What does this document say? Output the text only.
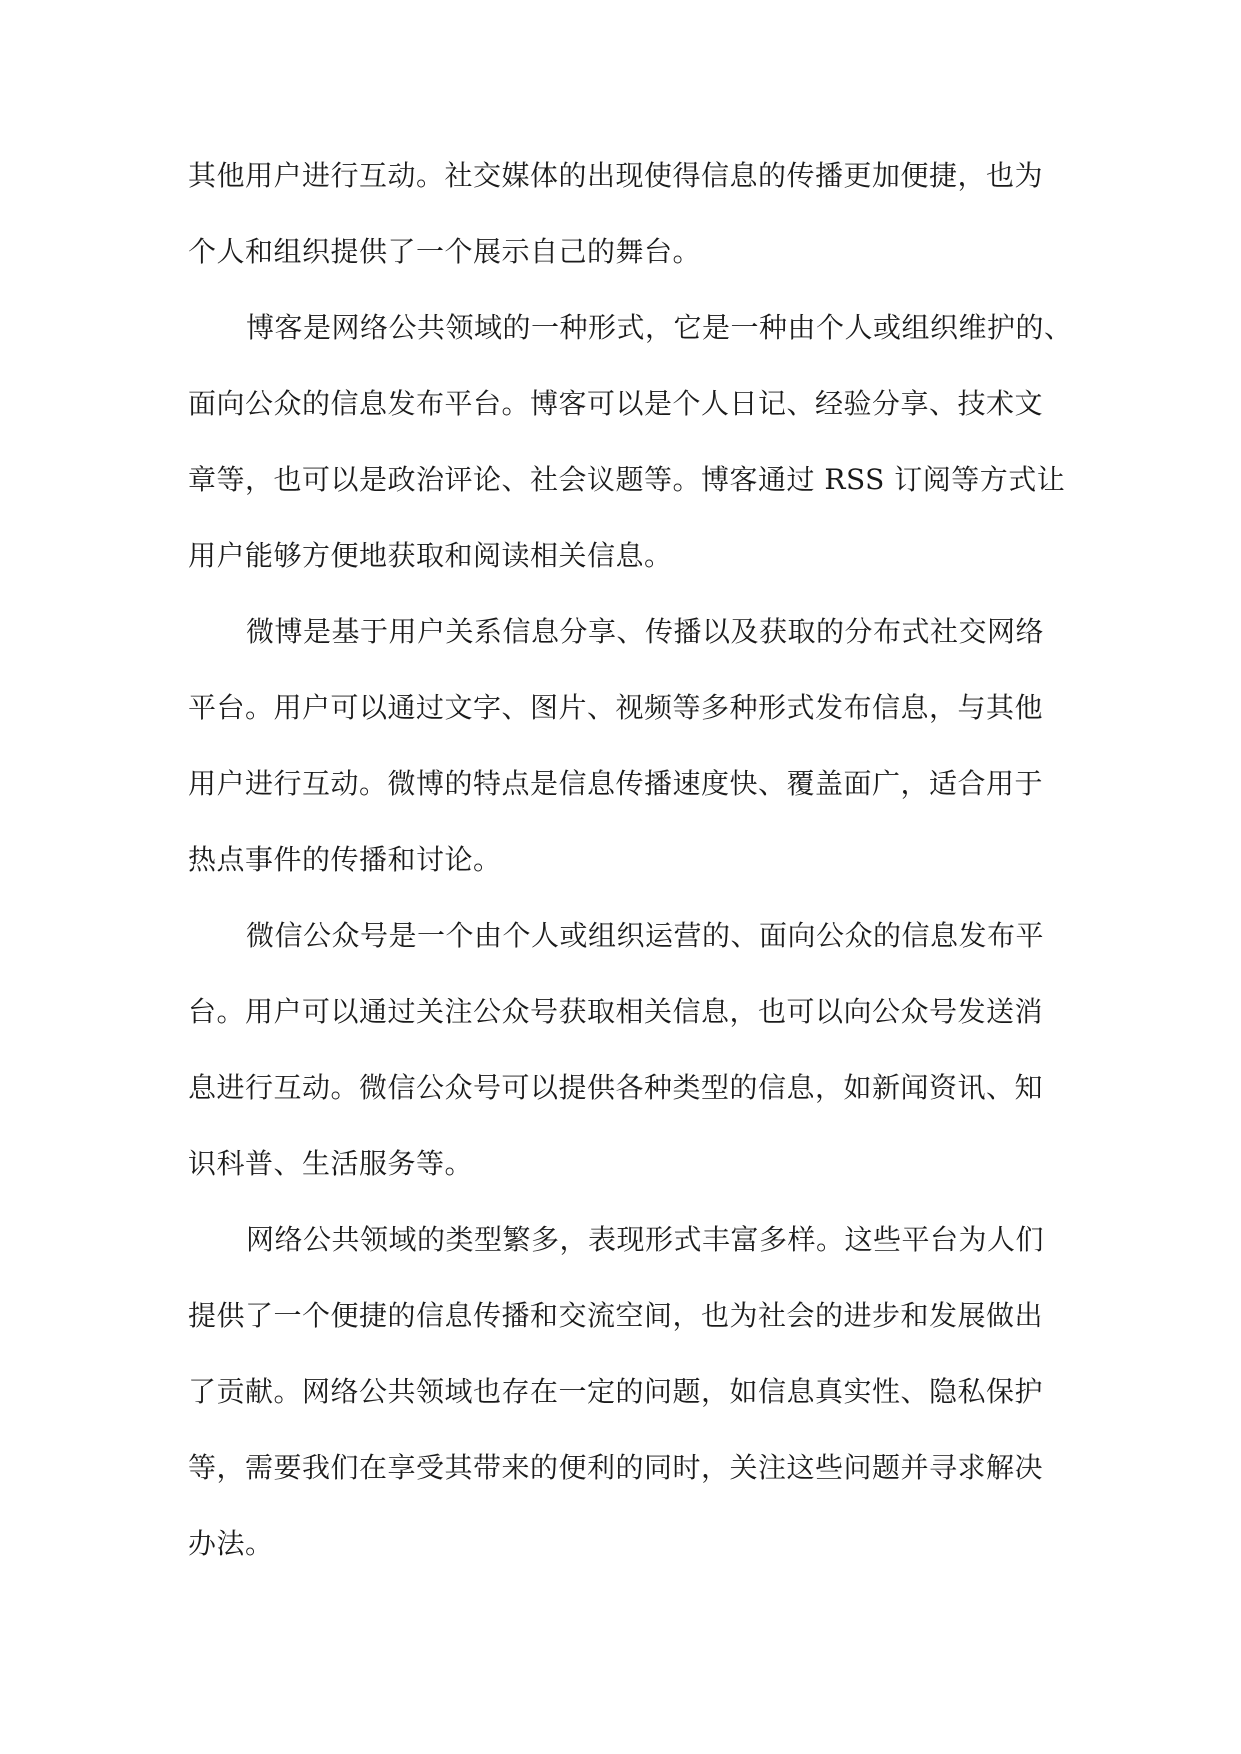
其他用户进行互动。社交媒体的出现使得信息的传播更加便捷，也为
个人和组织提供了一个展示自己的舞台。
博客是网络公共领域的一种形式，它是一种由个人或组织维护的、
面向公众的信息发布平台。博客可以是个人日记、经验分享、技术文
章等，也可以是政治评论、社会议题等。博客通过 RSS 订阅等方式让
用户能够方便地获取和阅读相关信息。
微博是基于用户关系信息分享、传播以及获取的分布式社交网络
平台。用户可以通过文字、图片、视频等多种形式发布信息，与其他
用户进行互动。微博的特点是信息传播速度快、覆盖面广，适合用于
热点事件的传播和讨论。
微信公众号是一个由个人或组织运营的、面向公众的信息发布平
台。用户可以通过关注公众号获取相关信息，也可以向公众号发送消
息进行互动。微信公众号可以提供各种类型的信息，如新闻资讯、知
识科普、生活服务等。
网络公共领域的类型繁多，表现形式丰富多样。这些平台为人们
提供了一个便捷的信息传播和交流空间，也为社会的进步和发展做出
了贡献。网络公共领域也存在一定的问题，如信息真实性、隐私保护
等，需要我们在享受其带来的便利的同时，关注这些问题并寻求解决
办法。
